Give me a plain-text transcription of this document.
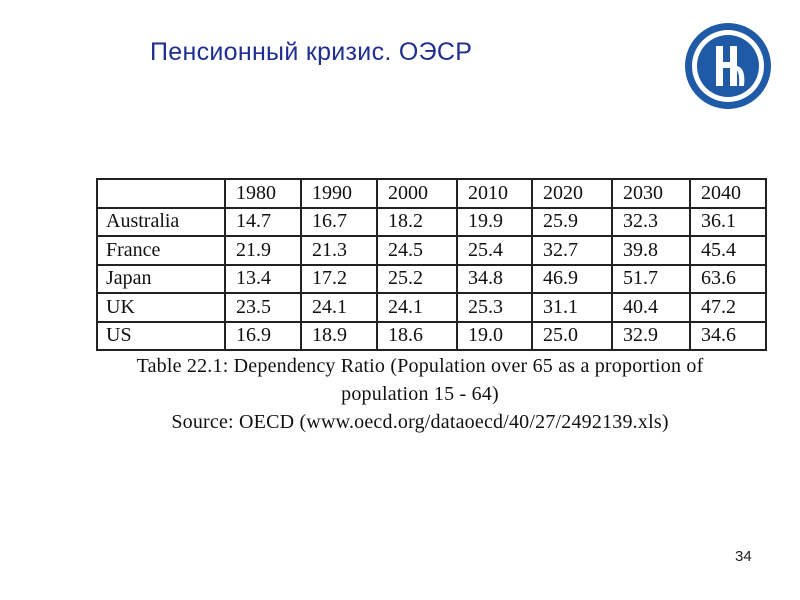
Пенсионный кризис. ОЭСР
	1980	1990	2000	2010	2020	2030	2040
Australia	14.7	16.7	18.2	19.9	25.9	32.3	36.1
France	21.9	21.3	24.5	25.4	32.7	39.8	45.4
Japan	13.4	17.2	25.2	34.8	46.9	51.7	63.6
UK	23.5	24.1	24.1	25.3	31.1	40.4	47.2
US	16.9	18.9	18.6	19.0	25.0	32.9	34.6
Table 22.1: Dependency Ratio (Population over 65 as a proportion of
population 15 - 64)
Source: OECD (www.oecd.org/dataoecd/40/27/2492139.xls)
34
